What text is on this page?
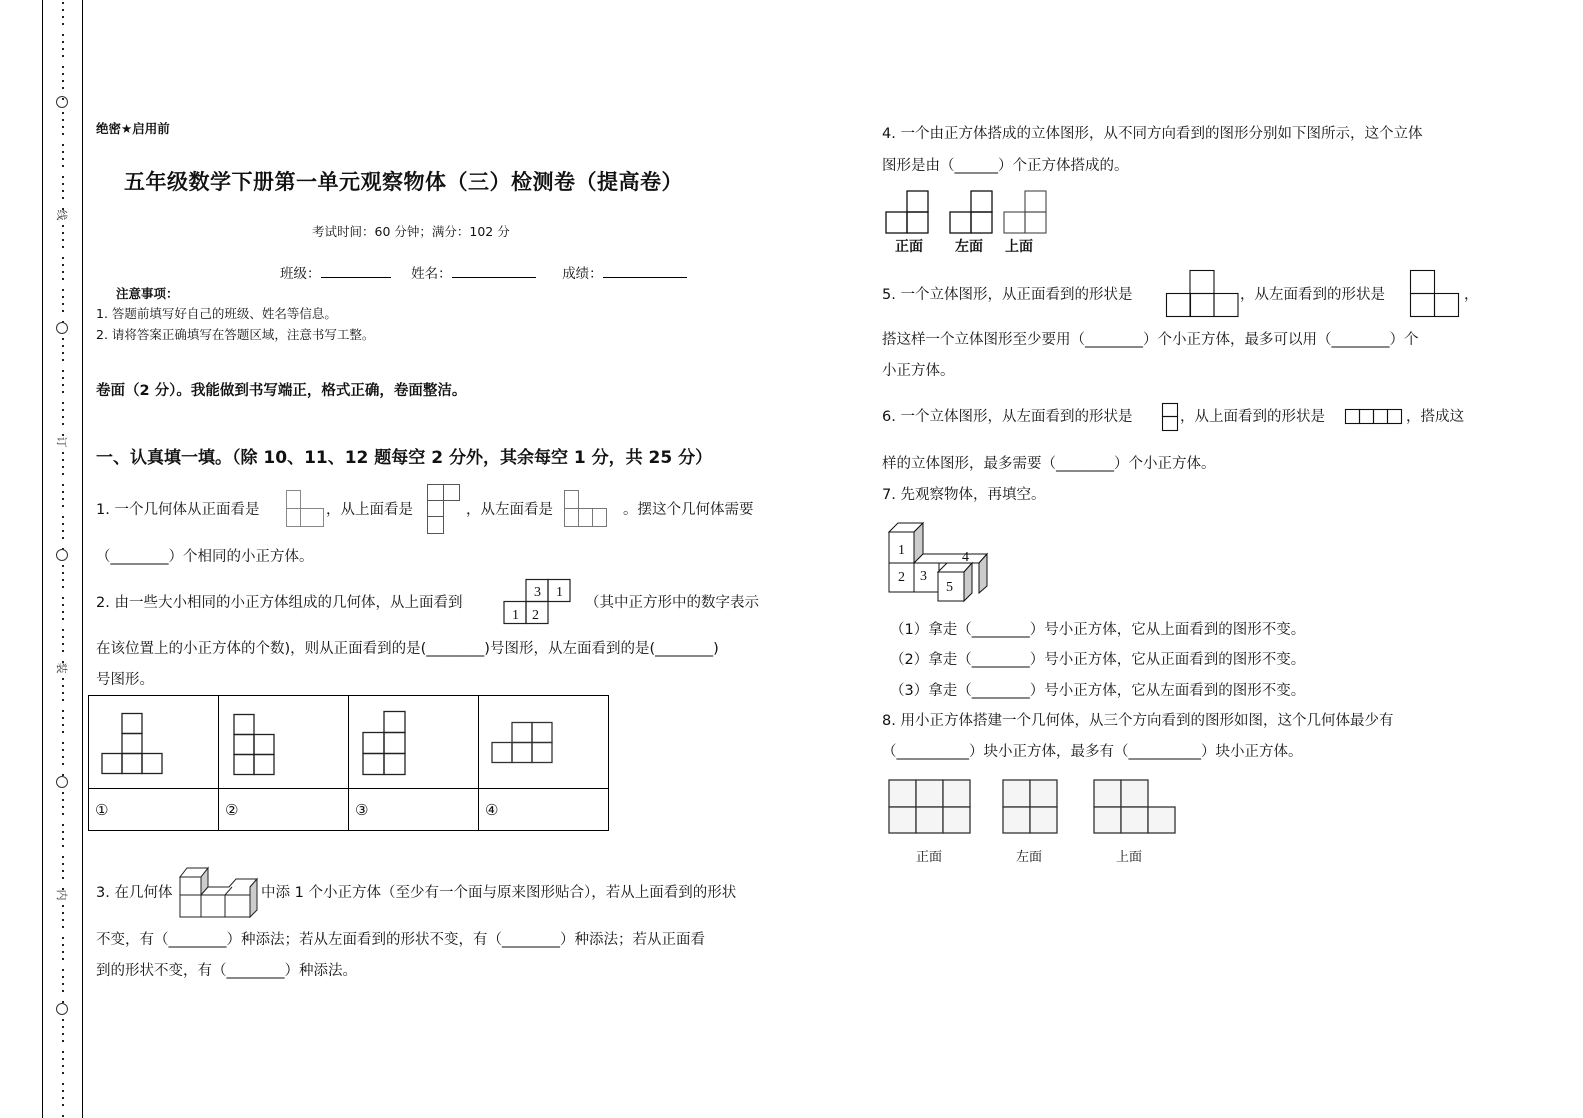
绝密★启用前
五年级数学下册第一单元观察物体（三）检测卷（提高卷）
考试时间：60 分钟；满分：102 分
班级：	姓名：	成绩：
注意事项：
1. 答题前填写好自己的班级、姓名等信息。
2. 请将答案正确填写在答题区域，注意书写工整。
卷面（2 分）。我能做到书写端正，格式正确，卷面整洁。
一、认真填一填。（除 10、11、12 题每空 2 分外，其余每空 1 分，共 25 分）
1. 一个几何体从正面看是	，从上面看是	，从左面看是	。摆这个几何体需要
（________）个相同的小正方体。
2. 由一些大小相同的小正方体组成的几何体，从上面看到
3 1
1 2
（其中正方形中的数字表示
在该位置上的小正方体的个数)，则从正面看到的是(________)号图形，从左面看到的是(________)
号图形。

①	②	③	④
3. 在几何体	中添 1 个小正方体（至少有一个面与原来图形贴合），若从上面看到的形状
不变，有（________）种添法；若从左面看到的形状不变，有（________）种添法；若从正面看
到的形状不变，有（________）种添法。
4. 一个由正方体搭成的立体图形，从不同方向看到的图形分别如下图所示，这个立体
图形是由（______）个正方体搭成的。
正面 左面 上面
5. 一个立体图形，从正面看到的形状是	，从左面看到的形状是	，
搭这样一个立体图形至少要用（________）个小正方体，最多可以用（________）个
小正方体。
6. 一个立体图形，从左面看到的形状是	，从上面看到的形状是	，搭成这
样的立体图形，最多需要（________）个小正方体。
7. 先观察物体，再填空。
1
2 3
4
5
（1）拿走（________）号小正方体，它从上面看到的图形不变。
（2）拿走（________）号小正方体，它从正面看到的图形不变。
（3）拿走（________）号小正方体，它从左面看到的图形不变。
8. 用小正方体搭建一个几何体，从三个方向看到的图形如图，这个几何体最少有
（__________）块小正方体，最多有（__________）块小正方体。
正面	左面	上面
线
订
装
内
